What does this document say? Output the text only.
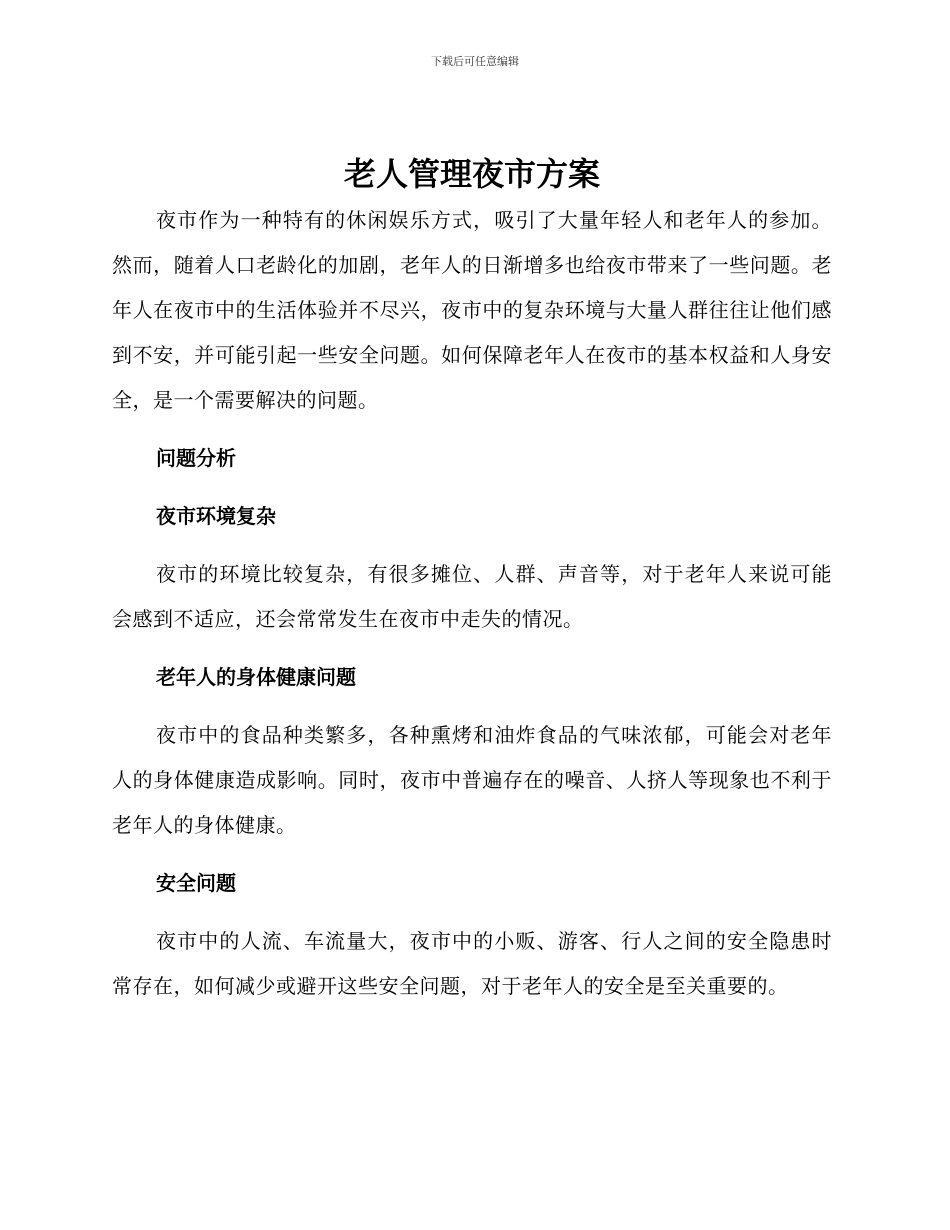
下载后可任意编辑
老人管理夜市方案

夜市作为一种特有的休闲娱乐方式，吸引了大量年轻人和老年人的参加。然而，随着人口老龄化的加剧，老年人的日渐增多也给夜市带来了一些问题。老年人在夜市中的生活体验并不尽兴，夜市中的复杂环境与大量人群往往让他们感到不安，并可能引起一些安全问题。如何保障老年人在夜市的基本权益和人身安全，是一个需要解决的问题。

问题分析

夜市环境复杂

夜市的环境比较复杂，有很多摊位、人群、声音等，对于老年人来说可能会感到不适应，还会常常发生在夜市中走失的情况。

老年人的身体健康问题

夜市中的食品种类繁多，各种熏烤和油炸食品的气味浓郁，可能会对老年人的身体健康造成影响。同时，夜市中普遍存在的噪音、人挤人等现象也不利于老年人的身体健康。

安全问题

夜市中的人流、车流量大，夜市中的小贩、游客、行人之间的安全隐患时常存在，如何减少或避开这些安全问题，对于老年人的安全是至关重要的。
